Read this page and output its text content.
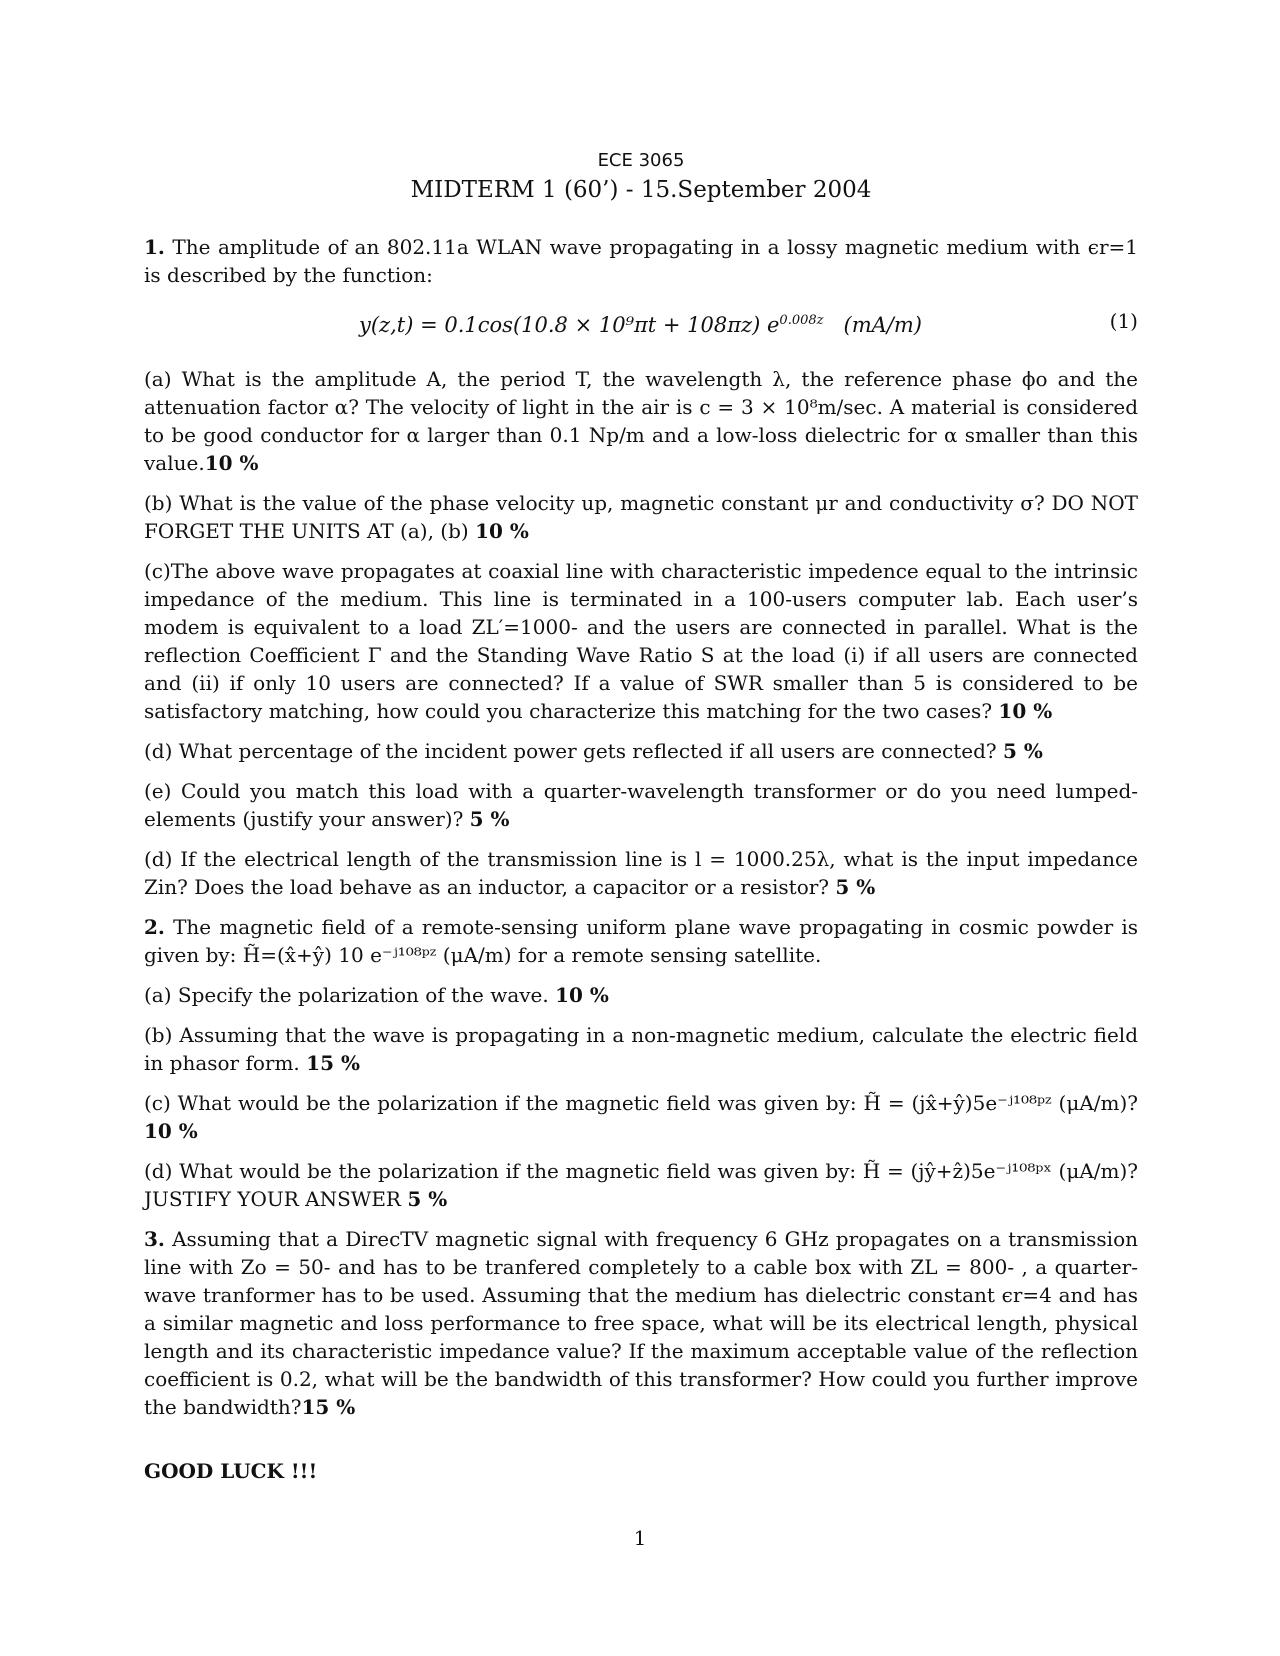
ECE 3065
MIDTERM 1 (60’) - 15.September 2004

1. The amplitude of an 802.11a WLAN wave propagating in a lossy magnetic medium with ϵr=1 is described by the function:

y(z,t) = 0.1cos(10.8 × 10⁹πt + 108πz) $e^{0.008z}$ (mA/m)	(1)

(a) What is the amplitude A, the period T, the wavelength λ, the reference phase ϕo and the attenuation factor α? The velocity of light in the air is c = 3 × 10⁸m/sec. A material is considered to be good conductor for α larger than 0.1 Np/m and a low-loss dielectric for α smaller than this value.10 %

(b) What is the value of the phase velocity up, magnetic constant μr and conductivity σ? DO NOT FORGET THE UNITS AT (a), (b) 10 %

(c)The above wave propagates at coaxial line with characteristic impedence equal to the intrinsic impedance of the medium. This line is terminated in a 100-users computer lab. Each user’s modem is equivalent to a load ZL′=1000- and the users are connected in parallel. What is the reflection Coefficient Γ and the Standing Wave Ratio S at the load (i) if all users are connected and (ii) if only 10 users are connected? If a value of SWR smaller than 5 is considered to be satisfactory matching, how could you characterize this matching for the two cases? 10 %

(d) What percentage of the incident power gets reflected if all users are connected? 5 %

(e) Could you match this load with a quarter-wavelength transformer or do you need lumped-elements (justify your answer)? 5 %

(d) If the electrical length of the transmission line is l = 1000.25λ, what is the input impedance Zin? Does the load behave as an inductor, a capacitor or a resistor? 5 %

2. The magnetic field of a remote-sensing uniform plane wave propagating in cosmic powder is given by: H̃=(x̂+ŷ) 10 e⁻ʲ¹⁰⁸ᵖᶻ (μA/m) for a remote sensing satellite.

(a) Specify the polarization of the wave. 10 %

(b) Assuming that the wave is propagating in a non-magnetic medium, calculate the electric field in phasor form. 15 %

(c) What would be the polarization if the magnetic field was given by: H̃ = (jx̂+ŷ)5e⁻ʲ¹⁰⁸ᵖᶻ (μA/m)? 10 %

(d) What would be the polarization if the magnetic field was given by: H̃ = (jŷ+ẑ)5e⁻ʲ¹⁰⁸ᵖˣ (μA/m)? JUSTIFY YOUR ANSWER 5 %

3. Assuming that a DirecTV magnetic signal with frequency 6 GHz propagates on a transmission line with Zo = 50- and has to be tranfered completely to a cable box with ZL = 800- , a quarter-wave tranformer has to be used. Assuming that the medium has dielectric constant ϵr=4 and has a similar magnetic and loss performance to free space, what will be its electrical length, physical length and its characteristic impedance value? If the maximum acceptable value of the reflection coefficient is 0.2, what will be the bandwidth of this transformer? How could you further improve the bandwidth?15 %

GOOD LUCK !!!
1
